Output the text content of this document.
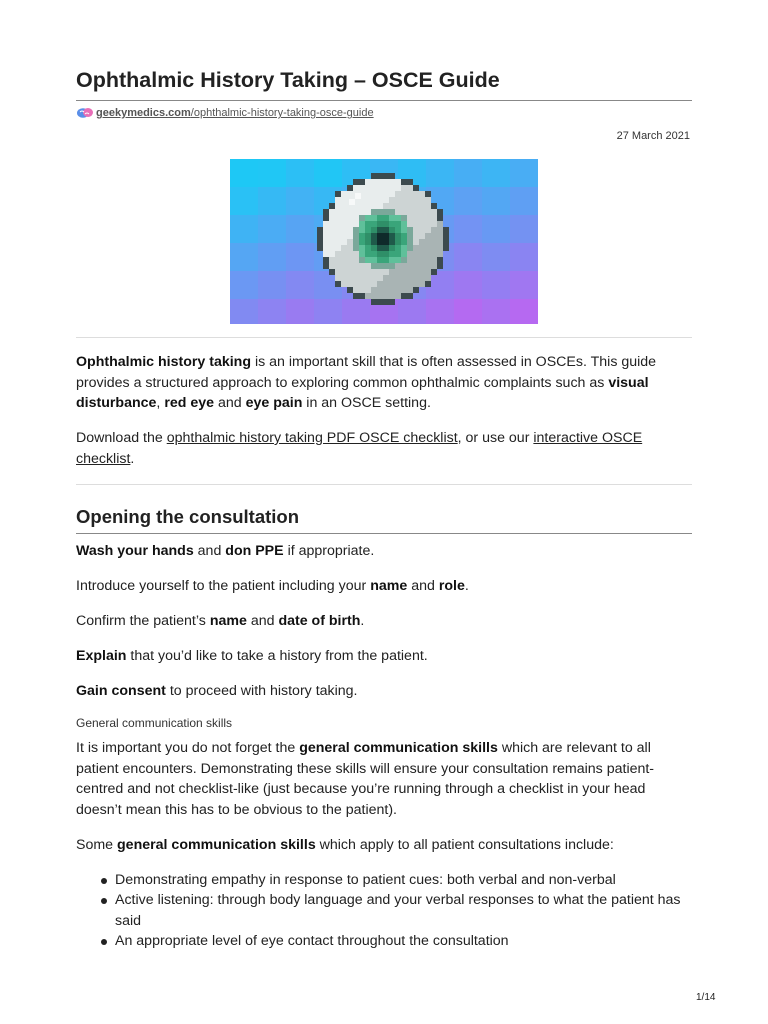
Ophthalmic History Taking – OSCE Guide
geekymedics.com/ophthalmic-history-taking-osce-guide
27 March 2021

Ophthalmic history taking is an important skill that is often assessed in OSCEs. This guide provides a structured approach to exploring common ophthalmic complaints such as visual disturbance, red eye and eye pain in an OSCE setting.

Download the ophthalmic history taking PDF OSCE checklist, or use our interactive OSCE checklist.

Opening the consultation

Wash your hands and don PPE if appropriate.

Introduce yourself to the patient including your name and role.

Confirm the patient’s name and date of birth.

Explain that you’d like to take a history from the patient.

Gain consent to proceed with history taking.

General communication skills

It is important you do not forget the general communication skills which are relevant to all patient encounters. Demonstrating these skills will ensure your consultation remains patient-centred and not checklist-like (just because you’re running through a checklist in your head doesn’t mean this has to be obvious to the patient).

Some general communication skills which apply to all patient consultations include:

Demonstrating empathy in response to patient cues: both verbal and non-verbal
Active listening: through body language and your verbal responses to what the patient has said
An appropriate level of eye contact throughout the consultation
1/14
